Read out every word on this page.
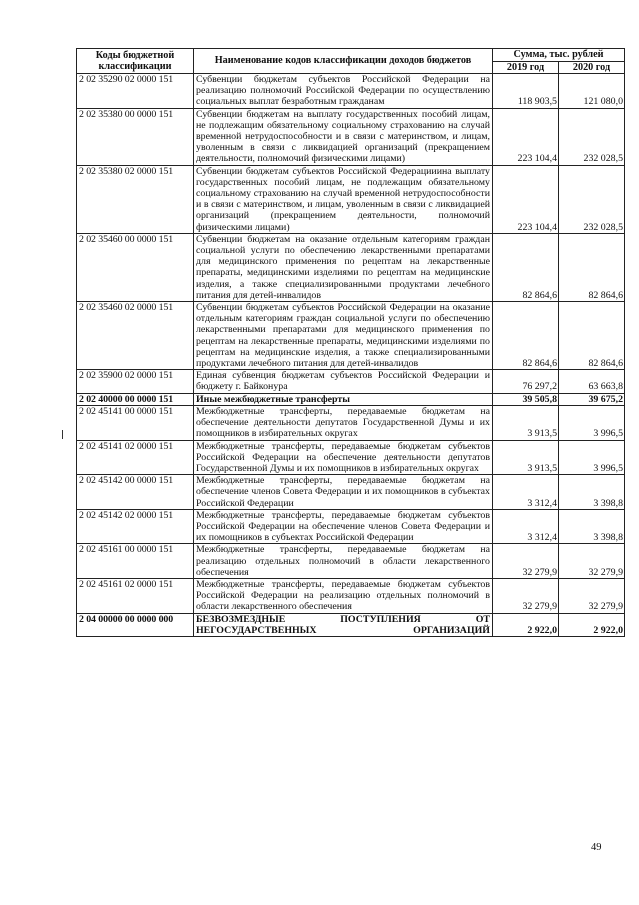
Коды бюджетной классификации	Наименование кодов классификации доходов бюджетов	Сумма, тыс. рублей	
		2019 год	2020 год
2 02 35290 02 0000 151	Субвенции бюджетам субъектов Российской Федерации на реализацию полномочий Российской Федерации по осуществлению социальных выплат безработным гражданам	118 903,5	121 080,0
2 02 35380 00 0000 151	Субвенции бюджетам на выплату государственных пособий лицам, не подлежащим обязательному социальному страхованию на случай временной нетрудоспособности и в связи с материнством, и лицам, уволенным в связи с ликвидацией организаций (прекращением деятельности, полномочий физическими лицами)	223 104,4	232 028,5
2 02 35380 02 0000 151	Субвенции бюджетам субъектов Российской Федерацииина выплату государственных пособий лицам, не подлежащим обязательному социальному страхованию на случай временной нетрудоспособности и в связи с материнством, и лицам, уволенным в связи с ликвидацией организаций (прекращением деятельности, полномочий физическими лицами)	223 104,4	232 028,5
2 02 35460 00 0000 151	Субвенции бюджетам на оказание отдельным категориям граждан социальной услуги по обеспечению лекарственными препаратами для медицинского применения по рецептам на лекарственные препараты, медицинскими изделиями по рецептам на медицинские изделия, а также специализированными продуктами лечебного питания для детей-инвалидов	82 864,6	82 864,6
2 02 35460 02 0000 151	Субвенции бюджетам субъектов Российской Федерации на оказание отдельным категориям граждан социальной услуги по обеспечению лекарственными препаратами для медицинского применения по рецептам на лекарственные препараты, медицинскими изделиями по рецептам на медицинские изделия, а также специализированными продуктами лечебного питания для детей-инвалидов	82 864,6	82 864,6
2 02 35900 02 0000 151	Единая субвенция бюджетам субъектов Российской Федерации и бюджету г. Байконура	76 297,2	63 663,8
2 02 40000 00 0000 151	Иные межбюджетные трансферты	39 505,8	39 675,2
2 02 45141 00 0000 151	Межбюджетные трансферты, передаваемые бюджетам на обеспечение деятельности депутатов Государственной Думы и их помощников в избирательных округах	3 913,5	3 996,5
2 02 45141 02 0000 151	Межбюджетные трансферты, передаваемые бюджетам субъектов Российской Федерации на обеспечение деятельности депутатов Государственной Думы и их помощников в избирательных округах	3 913,5	3 996,5
2 02 45142 00 0000 151	Межбюджетные трансферты, передаваемые бюджетам на обеспечение членов Совета Федерации и их помощников в субъектах Российской Федерации	3 312,4	3 398,8
2 02 45142 02 0000 151	Межбюджетные трансферты, передаваемые бюджетам субъектов Российской Федерации на обеспечение членов Совета Федерации и их помощников в субъектах Российской Федерации	3 312,4	3 398,8
2 02 45161 00 0000 151	Межбюджетные трансферты, передаваемые бюджетам на реализацию отдельных полномочий в области лекарственного обеспечения	32 279,9	32 279,9
2 02 45161 02 0000 151	Межбюджетные трансферты, передаваемые бюджетам субъектов Российской Федерации на реализацию отдельных полномочий в области лекарственного обеспечения	32 279,9	32 279,9
2 04 00000 00 0000 000	БЕЗВОЗМЕЗДНЫЕ ПОСТУПЛЕНИЯ ОТ НЕГОСУДАРСТВЕННЫХ ОРГАНИЗАЦИЙ	2 922,0	2 922,0
49
